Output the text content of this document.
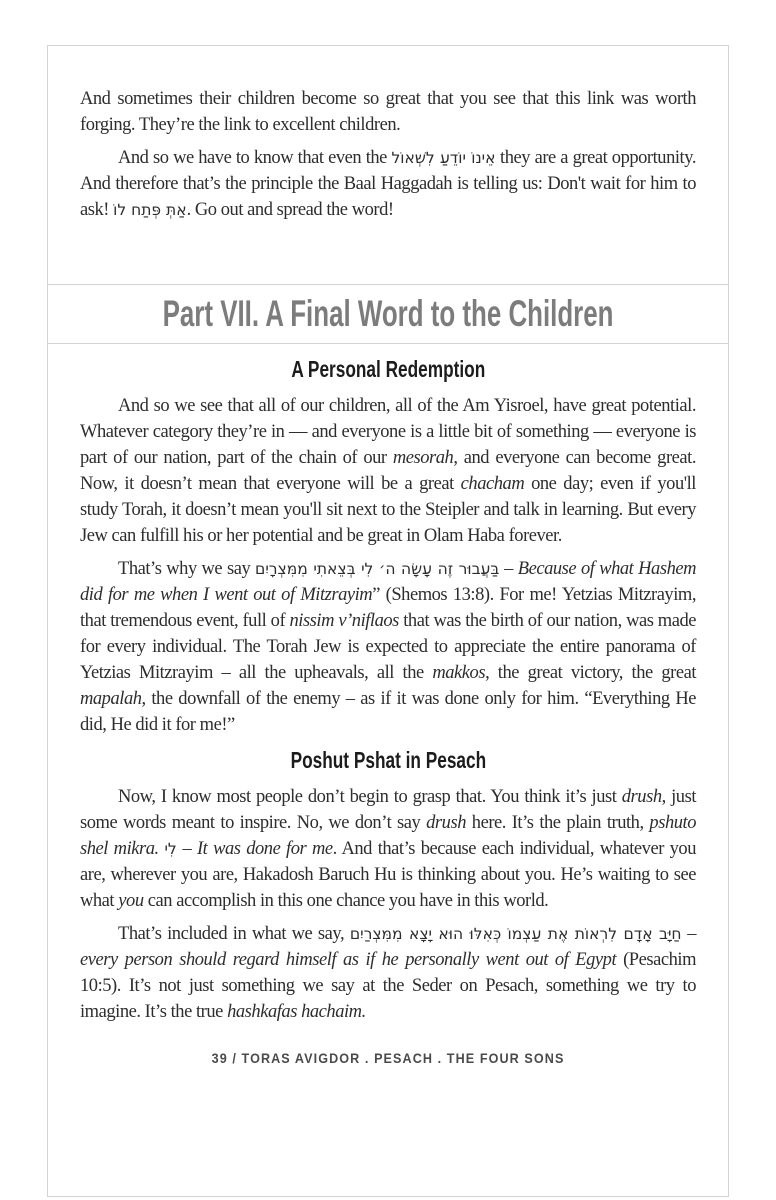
And sometimes their children become so great that you see that this link was worth forging. They’re the link to excellent children.

And so we have to know that even the אֵינוֹ יוֹדֵעַ לִשְׁאוֹל they are a great opportunity. And therefore that’s the principle the Baal Haggadah is telling us: Don't wait for him to ask! אַתְּ פְּתַח לוֹ. Go out and spread the word!

Part VII. A Final Word to the Children
A Personal Redemption

And so we see that all of our children, all of the Am Yisroel, have great potential. Whatever category they’re in — and everyone is a little bit of something — everyone is part of our nation, part of the chain of our mesorah, and everyone can become great. Now, it doesn’t mean that everyone will be a great chacham one day; even if you'll study Torah, it doesn’t mean you'll sit next to the Steipler and talk in learning. But every Jew can fulfill his or her potential and be great in Olam Haba forever.

That’s why we say בַּעֲבוּר זֶה עָשָׂה ה׳ לִי בְּצֵאתִי מִמִּצְרָיִם – Because of what Hashem did for me when I went out of Mitzrayim” (Shemos 13:8). For me! Yetzias Mitzrayim, that tremendous event, full of nissim v’niflaos that was the birth of our nation, was made for every individual. The Torah Jew is expected to appreciate the entire panorama of Yetzias Mitzrayim – all the upheavals, all the makkos, the great victory, the great mapalah, the downfall of the enemy – as if it was done only for him. “Everything He did, He did it for me!”

Poshut Pshat in Pesach

Now, I know most people don’t begin to grasp that. You think it’s just drush, just some words meant to inspire. No, we don’t say drush here. It’s the plain truth, pshuto shel mikra. לִי – It was done for me. And that’s because each individual, whatever you are, wherever you are, Hakadosh Baruch Hu is thinking about you. He’s waiting to see what you can accomplish in this one chance you have in this world.

That’s included in what we say, חַיָּב אָדָם לִרְאוֹת אֶת עַצְמוֹ כְּאִלּוּ הוּא יָצָא מִמִּצְרַיִם – every person should regard himself as if he personally went out of Egypt (Pesachim 10:5). It’s not just something we say at the Seder on Pesach, something we try to imagine. It’s the true hashkafas hachaim.

39 / TORAS AVIGDOR . PESACH . THE FOUR SONS
